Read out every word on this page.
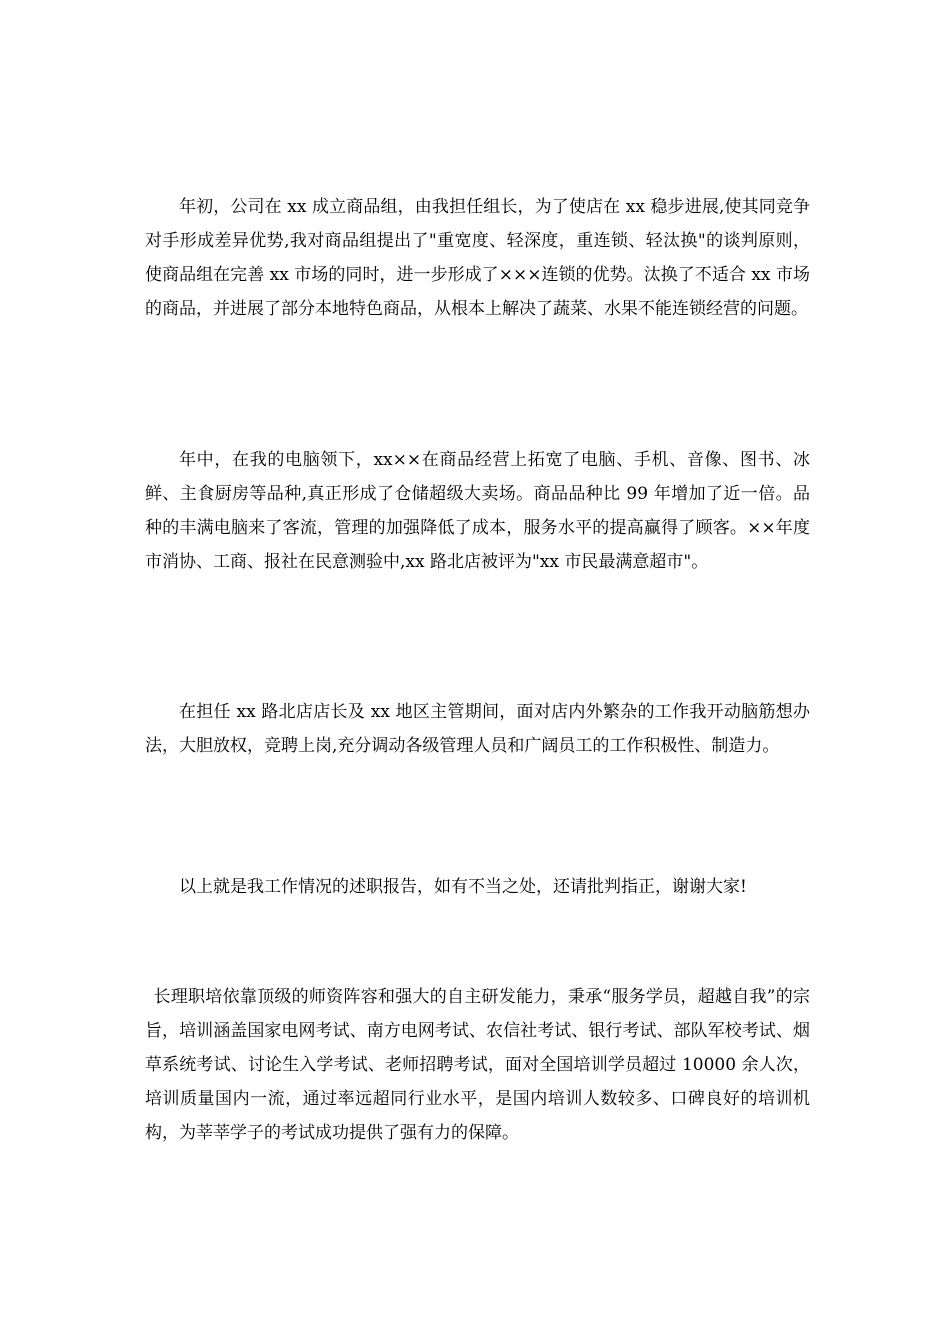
年初，公司在 xx 成立商品组，由我担任组长，为了使店在 xx 稳步进展,使其同竞争对手形成差异优势,我对商品组提出了"重宽度、轻深度，重连锁、轻汰换"的谈判原则，使商品组在完善 xx 市场的同时，进一步形成了×××连锁的优势。汰换了不适合 xx 市场的商品，并进展了部分本地特色商品，从根本上解决了蔬菜、水果不能连锁经营的问题。

年中，在我的电脑领下，xx××在商品经营上拓宽了电脑、手机、音像、图书、冰鲜、主食厨房等品种,真正形成了仓储超级大卖场。商品品种比 99 年增加了近一倍。品种的丰满电脑来了客流，管理的加强降低了成本，服务水平的提高赢得了顾客。××年度市消协、工商、报社在民意测验中,xx 路北店被评为"xx 市民最满意超市"。

在担任 xx 路北店店长及 xx 地区主管期间，面对店内外繁杂的工作我开动脑筋想办法，大胆放权，竞聘上岗,充分调动各级管理人员和广阔员工的工作积极性、制造力。

以上就是我工作情况的述职报告，如有不当之处，还请批判指正，谢谢大家!

长理职培依靠顶级的师资阵容和强大的自主研发能力，秉承“服务学员，超越自我”的宗旨，培训涵盖国家电网考试、南方电网考试、农信社考试、银行考试、部队军校考试、烟草系统考试、讨论生入学考试、老师招聘考试，面对全国培训学员超过 10000 余人次，培训质量国内一流，通过率远超同行业水平，是国内培训人数较多、口碑良好的培训机构，为莘莘学子的考试成功提供了强有力的保障。
